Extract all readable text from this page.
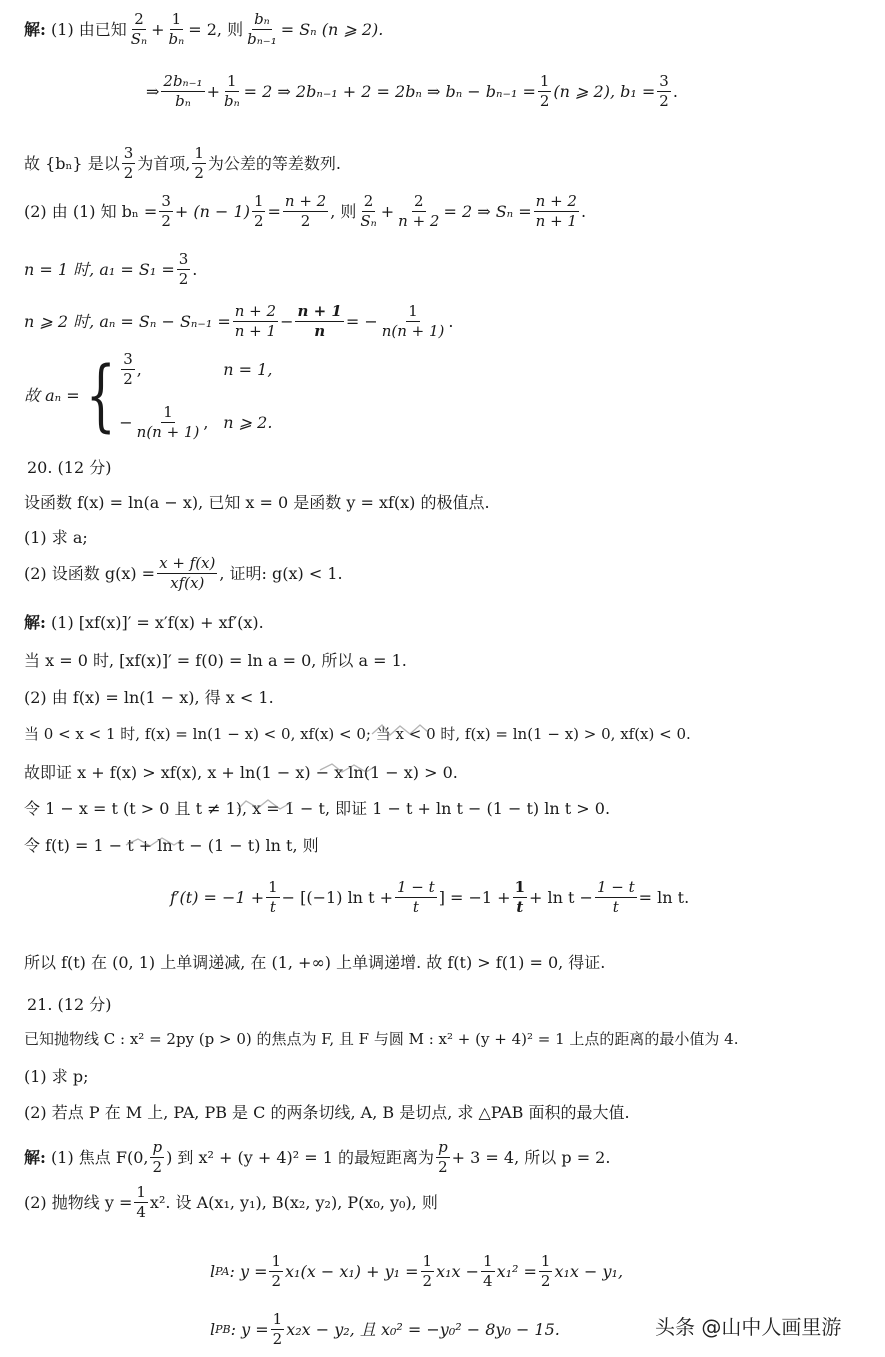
解:
(1) 由已知 $\frac{2}{\text{Sₙ}} + \frac{1}{\text{bₙ}} = 2$, 则 $\frac{\text{bₙ}}{\text{bₙ₋₁}} = S_n$ (n ⩾ 2).
⇒ $\frac{\text{2bₙ₋₁}}{\text{bₙ}} + \frac{1}{\text{bₙ}} = 2$ ⇒ 2bₙ₋₁ + 2 = 2bₙ ⇒ $b_n - b_{n-1} = \frac{1}{2} (n$ ⩾ 2), $b_1 = \frac{3}{2}$ .
故 {bₙ} 是以 $\frac{3}{2}$ 为首项, $\frac{1}{2}$ 为公差的等差数列.
(2) 由 (1) 知 $b_n = \frac{3}{2} + (n - 1) \frac{1}{2} = \frac{n + 2}{2}$ , 则 $\frac{2}{\text{Sₙ}} + \frac{2}{n + 2} = 2$ ⇒ $S_n = \frac{n + 2}{n + 1}$ .
n = 1 时, $a_1 = S_1 = \frac{3}{2}$ .
n ⩾ 2 时, $a_n = S_n - S_{n-1} = \frac{n + 2}{n + 1} - \frac{n + 1}{n}$ = − $\frac{1}{n(n + 1)}$ .
故 aₙ = { $\frac{3}{2}$ ,	n = 1,
− $\frac{1}{n(n + 1)}$ , n ⩾ 2.
20. (12 分)
设函数 f(x) = ln(a − x), 已知 x = 0 是函数 y = xf(x) 的极值点.
(1) 求 a;
(2) 设函数 $g(x) = \frac{x + f(x)}{xf(x)}$ , 证明: g(x) < 1.
解:
(1) [xf(x)]′ = x′f(x) + xf′(x).
当 x = 0 时, [xf(x)]′ = f(0) = ln a = 0, 所以 a = 1.
(2) 由 f(x) = ln(1 − x), 得 x < 1.
当 0 < x < 1 时, f(x) = ln(1 − x) < 0, xf(x) < 0; 当 x < 0 时, f(x) = ln(1 − x) > 0, xf(x) < 0.
故即证 x + f(x) > xf(x), x + ln(1 − x) − x ln(1 − x) > 0.
令 1 − x = t (t > 0 且 t ≠ 1), x = 1 − t, 即证 1 − t + ln t − (1 − t) ln t > 0.
令 f(t) = 1 − t + ln t − (1 − t) ln t, 则
$f'(t) = -1 + \frac{1}{t} - [(-1)$ $\ln t + \frac{1 - t}{t}$ ] = $-1 + \frac{1}{t} + \ln t - \frac{1 - t}{t} = \ln t$.
所以 f(t) 在 (0, 1) 上单调递减, 在 (1, +∞) 上单调递增. 故 f(t) > f(1) = 0, 得证.
21. (12 分)
已知抛物线 C : x² = 2py (p > 0) 的焦点为 F, 且 F 与圆 M : x² + (y + 4)² = 1 上点的距离的最小值为 4.
(1) 求 p;
(2) 若点 P 在 M 上, PA, PB 是 C 的两条切线, A, B 是切点, 求 △PAB 面积的最大值.
解:
(1) 焦点 F(0, $\frac{p}{2}$ ) 到 x² + (y + 4)² = 1 的最短距离为 $\frac{p}{2} + 3 = 4$, 所以 p = 2.
(2) 抛物线 $y = \frac{1}{4} x^2$. 设 A(x₁, y₁), B(x₂, y₂), P(x₀, y₀), 则
l PA : $y = \frac{1}{2} x_1(x - x_1) + y_1 = \frac{1}{2} x_1x - \frac{1}{4} x_1^2 = \frac{1}{2} x_1x - y_1$,
l PB : $y = \frac{1}{2} x_2x - y_2$, 且 x₀² = −y₀² − 8y₀ − 15.	头条 @山中人画里游
